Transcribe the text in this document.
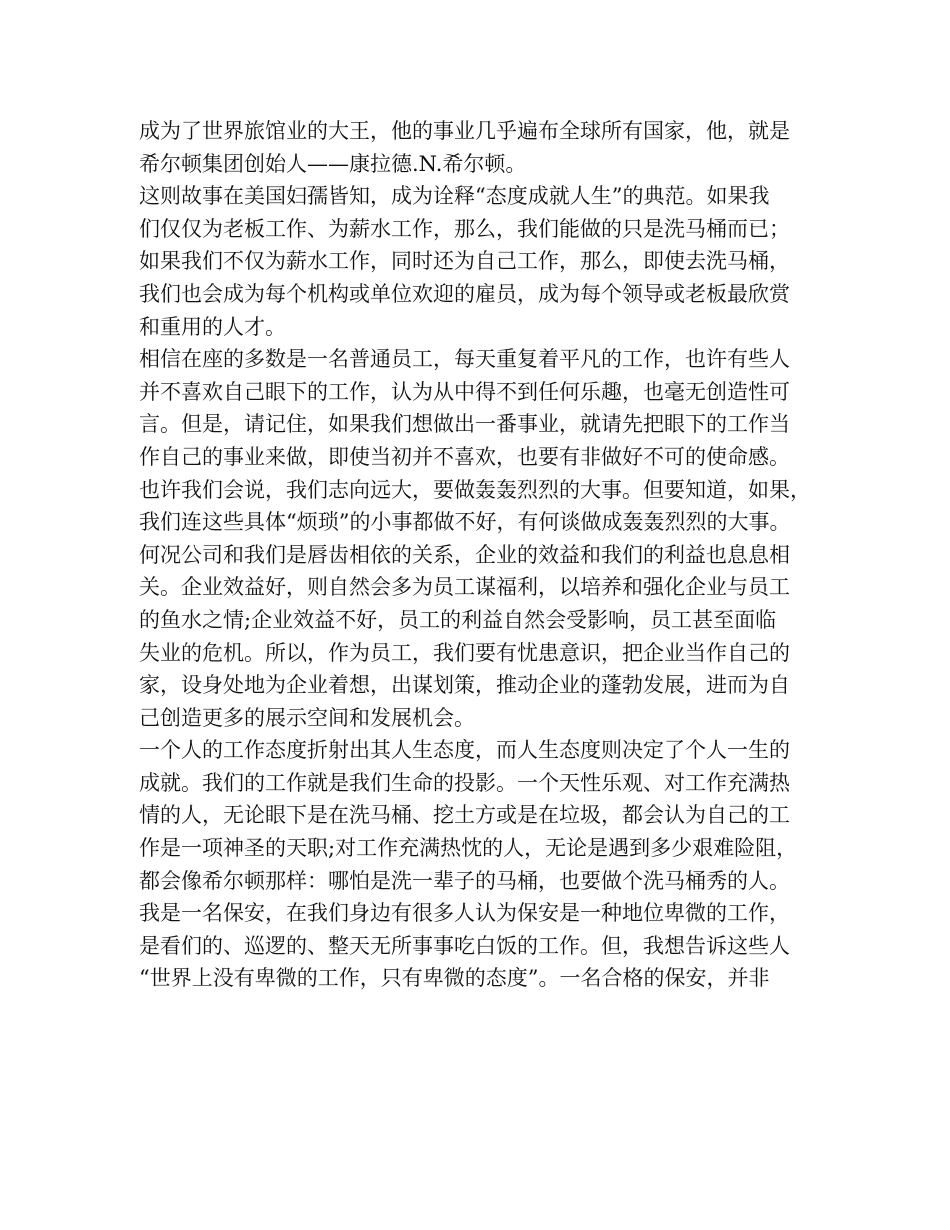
成为了世界旅馆业的大王，他的事业几乎遍布全球所有国家，他，就是
希尔顿集团创始人——康拉德.N.希尔顿。
这则故事在美国妇孺皆知，成为诠释“态度成就人生”的典范。如果我
们仅仅为老板工作、为薪水工作，那么，我们能做的只是洗马桶而已；
如果我们不仅为薪水工作，同时还为自己工作，那么，即使去洗马桶，
我们也会成为每个机构或单位欢迎的雇员，成为每个领导或老板最欣赏
和重用的人才。
相信在座的多数是一名普通员工，每天重复着平凡的工作，也许有些人
并不喜欢自己眼下的工作，认为从中得不到任何乐趣，也毫无创造性可
言。但是，请记住，如果我们想做出一番事业，就请先把眼下的工作当
作自己的事业来做，即使当初并不喜欢，也要有非做好不可的使命感。
也许我们会说，我们志向远大，要做轰轰烈烈的大事。但要知道，如果，
我们连这些具体“烦琐”的小事都做不好，有何谈做成轰轰烈烈的大事。
何况公司和我们是唇齿相依的关系，企业的效益和我们的利益也息息相
关。企业效益好，则自然会多为员工谋福利，以培养和强化企业与员工
的鱼水之情;企业效益不好，员工的利益自然会受影响，员工甚至面临
失业的危机。所以，作为员工，我们要有忧患意识，把企业当作自己的
家，设身处地为企业着想，出谋划策，推动企业的蓬勃发展，进而为自
己创造更多的展示空间和发展机会。
一个人的工作态度折射出其人生态度，而人生态度则决定了个人一生的
成就。我们的工作就是我们生命的投影。一个天性乐观、对工作充满热
情的人，无论眼下是在洗马桶、挖土方或是在垃圾，都会认为自己的工
作是一项神圣的天职;对工作充满热忱的人，无论是遇到多少艰难险阻，
都会像希尔顿那样：哪怕是洗一辈子的马桶，也要做个洗马桶秀的人。
我是一名保安，在我们身边有很多人认为保安是一种地位卑微的工作，
是看们的、巡逻的、整天无所事事吃白饭的工作。但，我想告诉这些人
“世界上没有卑微的工作，只有卑微的态度”。一名合格的保安，并非
